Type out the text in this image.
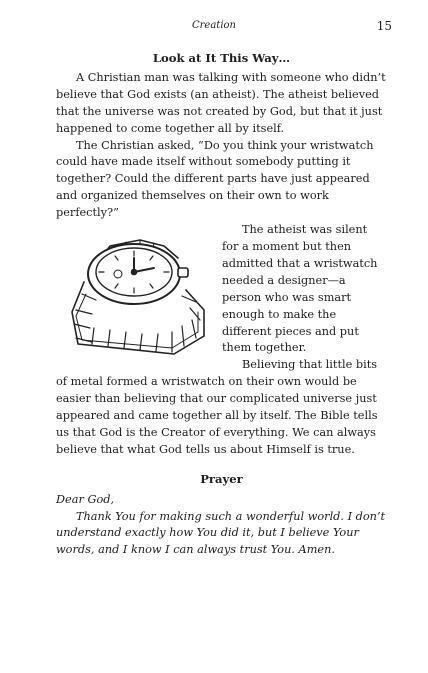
Creation	15
Look at It This Way…

A Christian man was talking with someone who didn’t believe that God exists (an atheist). The atheist believed that the universe was not created by God, but that it just happened to come together all by itself.

The Christian asked, “Do you think your wristwatch could have made itself without somebody putting it together? Could the different parts have just appeared and organized themselves on their own to work perfectly?”

The atheist was silent for a moment but then admitted that a wristwatch needed a designer—a person who was smart enough to make the different pieces and put them together.

Believing that little bits of metal formed a wristwatch on their own would be easier than believing that our complicated universe just appeared and came together all by itself. The Bible tells us that God is the Creator of everything. We can always believe that what God tells us about Himself is true.

Prayer

Dear God,

Thank You for making such a wonderful world. I don’t understand exactly how You did it, but I believe Your words, and I know I can always trust You. Amen.
